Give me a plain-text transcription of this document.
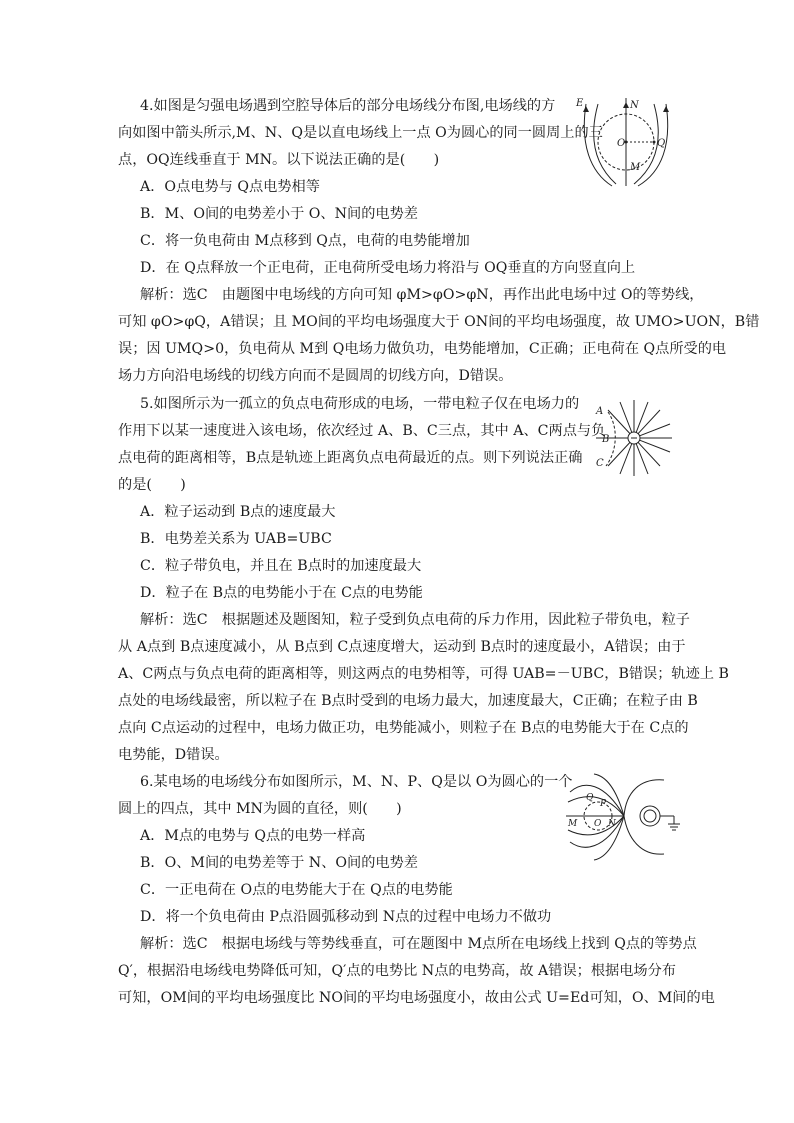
4.如图是匀强电场遇到空腔导体后的部分电场线分布图,电场线的方
向如图中箭头所示,M、N、Q是以直电场线上一点 O为圆心的同一圆周上的三
点，OQ连线垂直于 MN。以下说法正确的是(　　)
A．O点电势与 Q点电势相等
B．M、O间的电势差小于 O、N间的电势差
C．将一负电荷由 M点移到 Q点，电荷的电势能增加
D．在 Q点释放一个正电荷，正电荷所受电场力将沿与 OQ垂直的方向竖直向上
解析：选C　由题图中电场线的方向可知 φM>φO>φN，再作出此电场中过 O的等势线，
可知 φO>φQ，A错误；且 MO间的平均电场强度大于 ON间的平均电场强度，故 UMO>UON，B错
误；因 UMQ>0，负电荷从 M到 Q电场力做负功，电势能增加，C正确；正电荷在 Q点所受的电
场力方向沿电场线的切线方向而不是圆周的切线方向，D错误。
E	N
O	Q
M
5.如图所示为一孤立的负点电荷形成的电场，一带电粒子仅在电场力的
作用下以某一速度进入该电场，依次经过 A、B、C三点，其中 A、C两点与负
点电荷的距离相等，B点是轨迹上距离负点电荷最近的点。则下列说法正确
的是(　　)
A．粒子运动到 B点的速度最大
B．电势差关系为 UAB=UBC
C．粒子带负电，并且在 B点时的加速度最大
D．粒子在 B点的电势能小于在 C点的电势能
解析：选C　根据题述及题图知，粒子受到负点电荷的斥力作用，因此粒子带负电，粒子
从 A点到 B点速度减小，从 B点到 C点速度增大，运动到 B点时的速度最小，A错误；由于
A、C两点与负点电荷的距离相等，则这两点的电势相等，可得 UAB=－UBC，B错误；轨迹上 B
点处的电场线最密，所以粒子在 B点时受到的电场力最大，加速度最大，C正确；在粒子由 B
点向 C点运动的过程中，电场力做正功，电势能减小，则粒子在 B点的电势能大于在 C点的
电势能，D错误。
A
B
C
6.某电场的电场线分布如图所示，M、N、P、Q是以 O为圆心的一个
圆上的四点，其中 MN为圆的直径，则(　　)
A．M点的电势与 Q点的电势一样高
B．O、M间的电势差等于 N、O间的电势差
C．一正电荷在 O点的电势能大于在 Q点的电势能
D．将一个负电荷由 P点沿圆弧移动到 N点的过程中电场力不做功
解析：选C　根据电场线与等势线垂直，可在题图中 M点所在电场线上找到 Q点的等势点
Q′，根据沿电场线电势降低可知，Q′点的电势比 N点的电势高，故 A错误；根据电场分布
可知，OM间的平均电场强度比 NO间的平均电场强度小，故由公式 U=Ed可知，O、M间的电
Q
P
M O N
